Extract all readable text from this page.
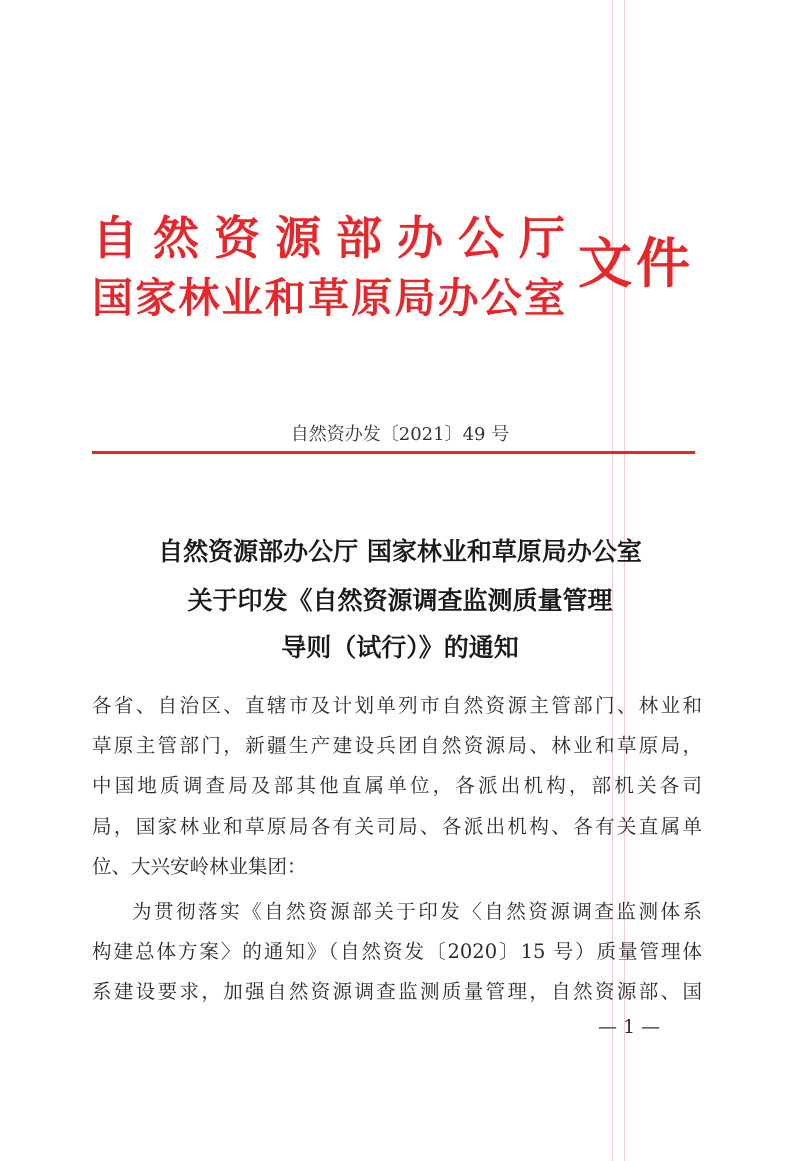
自然资源部办公厅
国家林业和草原局办公室
文件
自然资办发〔2021〕49 号
自然资源部办公厅 国家林业和草原局办公室
关于印发《自然资源调查监测质量管理
导则（试行）》的通知
各省、自治区、直辖市及计划单列市自然资源主管部门、林业和
草原主管部门，新疆生产建设兵团自然资源局、林业和草原局，
中国地质调查局及部其他直属单位，各派出机构，部机关各司
局，国家林业和草原局各有关司局、各派出机构、各有关直属单
位、大兴安岭林业集团：
为贯彻落实《自然资源部关于印发〈自然资源调查监测体系
构建总体方案〉的通知》（自然资发〔2020〕15 号）质量管理体
系建设要求，加强自然资源调查监测质量管理，自然资源部、国
— 1 —
